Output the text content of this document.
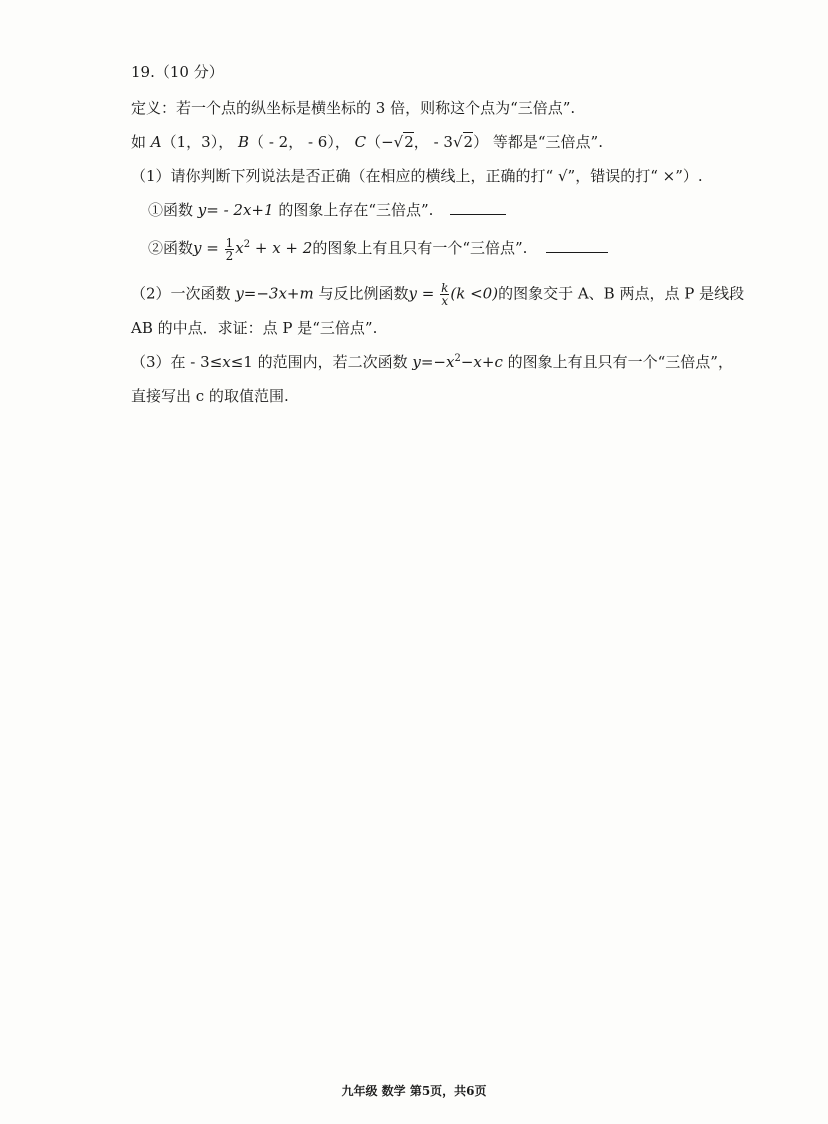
19.（10 分）
定义：若一个点的纵坐标是横坐标的 3 倍，则称这个点为“三倍点”.
如 A（1，3）， B（ - 2， - 6）， C（−√2， - 3√2） 等都是“三倍点”.
（1）请你判断下列说法是否正确（在相应的横线上，正确的打“ √”，错误的打“ ×”）.
①函数 y= - 2x+1 的图象上存在“三倍点”.
②函数$y = \frac{1}{2} x^2 + x + 2$的图象上有且只有一个“三倍点”.
（2）一次函数 y=−3x+m 与反比例函数$y = \frac{k}{x} (k <0)$的图象交于 A、B 两点，点 P 是线段
AB 的中点．求证：点 P 是“三倍点”.
（3）在 - 3≤x≤1 的范围内，若二次函数 $y=-x^2-x+c$ 的图象上有且只有一个“三倍点”，
直接写出 c 的取值范围.
九年级 数学 第5页，共6页
